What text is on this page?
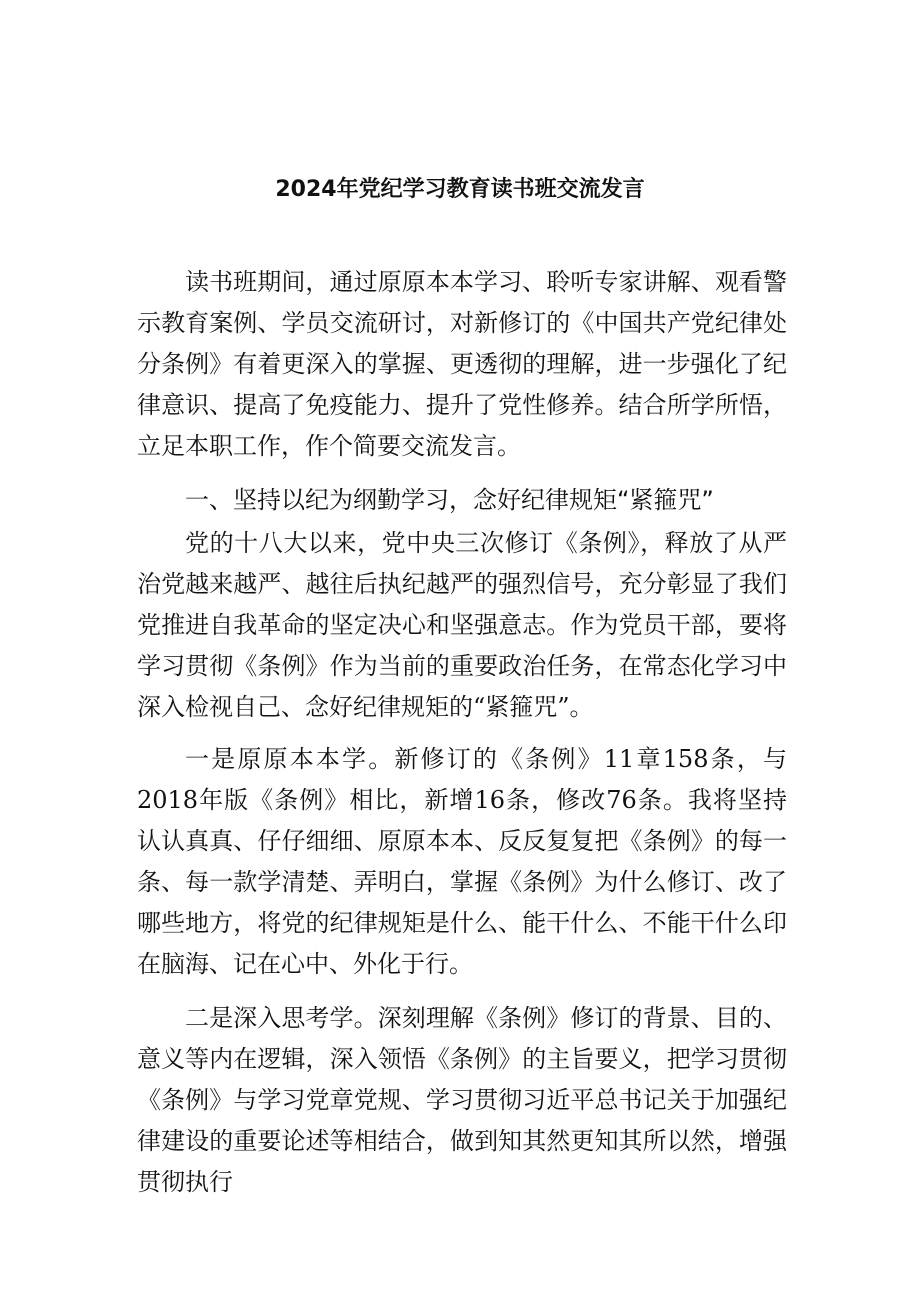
2024年党纪学习教育读书班交流发言

读书班期间，通过原原本本学习、聆听专家讲解、观看警示教育案例、学员交流研讨，对新修订的《中国共产党纪律处分条例》有着更深入的掌握、更透彻的理解，进一步强化了纪律意识、提高了免疫能力、提升了党性修养。结合所学所悟，立足本职工作，作个简要交流发言。

一、坚持以纪为纲勤学习，念好纪律规矩“紧箍咒”

党的十八大以来，党中央三次修订《条例》，释放了从严治党越来越严、越往后执纪越严的强烈信号，充分彰显了我们党推进自我革命的坚定决心和坚强意志。作为党员干部，要将学习贯彻《条例》作为当前的重要政治任务，在常态化学习中深入检视自己、念好纪律规矩的“紧箍咒”。

一是原原本本学。新修订的《条例》11章158条，与2018年版《条例》相比，新增16条，修改76条。我将坚持认认真真、仔仔细细、原原本本、反反复复把《条例》的每一条、每一款学清楚、弄明白，掌握《条例》为什么修订、改了哪些地方，将党的纪律规矩是什么、能干什么、不能干什么印在脑海、记在心中、外化于行。

二是深入思考学。深刻理解《条例》修订的背景、目的、意义等内在逻辑，深入领悟《条例》的主旨要义，把学习贯彻《条例》与学习党章党规、学习贯彻习近平总书记关于加强纪律建设的重要论述等相结合，做到知其然更知其所以然，增强贯彻执行
